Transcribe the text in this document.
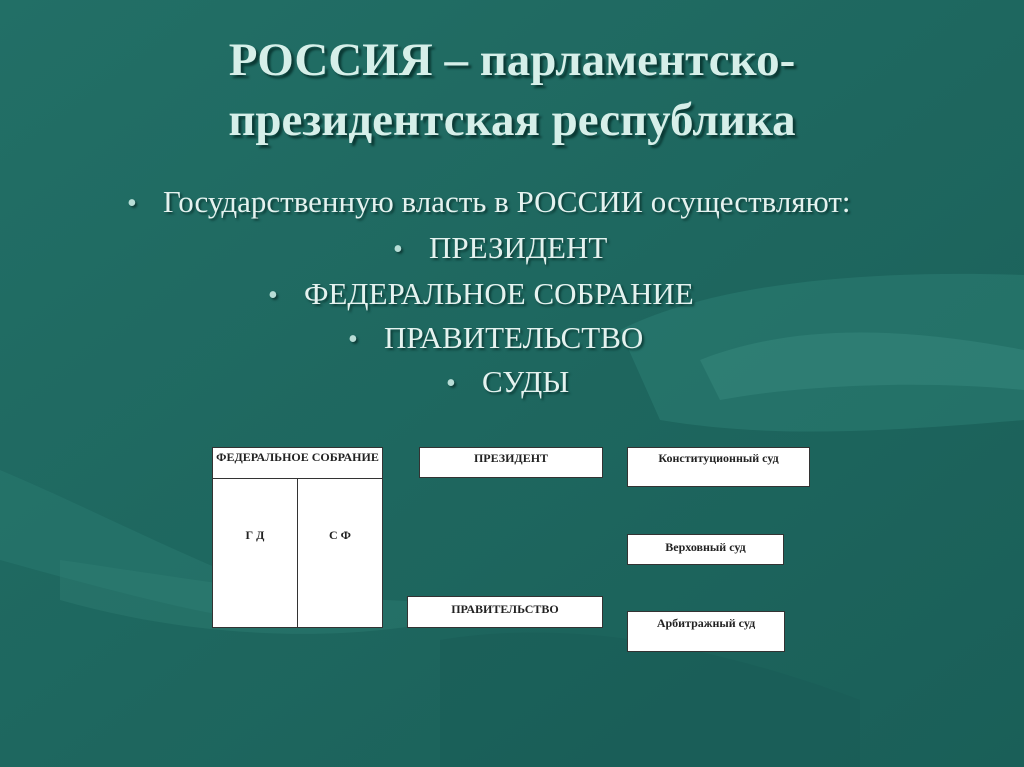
РОССИЯ – парламентско-
президентская республика
• Государственную власть в РОССИИ осуществляют:
• ПРЕЗИДЕНТ
• ФЕДЕРАЛЬНОЕ СОБРАНИЕ
• ПРАВИТЕЛЬСТВО
• СУДЫ
ФЕДЕРАЛЬНОЕ СОБРАНИЕ
Г Д	С Ф
ПРЕЗИДЕНТ
ПРАВИТЕЛЬСТВО
Конституционный суд
Верховный суд
Арбитражный суд
